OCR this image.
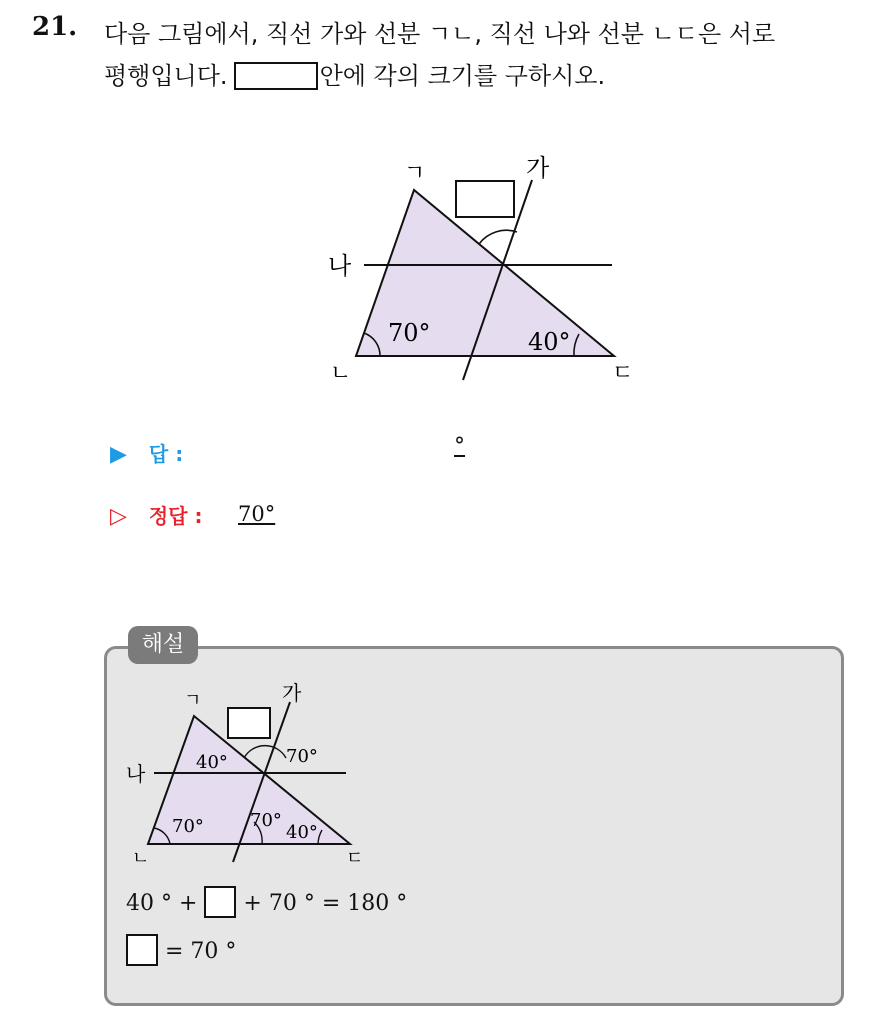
21. 다음 그림에서, 직선 가와 선분 ㄱㄴ, 직선 나와 선분 ㄴㄷ은 서로
평행입니다.	안에 각의 크기를 구하시오.
ㄱ	가
나
ㄴ	ㄷ
70°	40°
▶ 답 :	°
▷ 정답 : 70°
해설
ㄱ	가
나
ㄴ	ㄷ
40°	70°
70°	70°
40°
40 ° + + 70 ° = 180 °
= 70 °
